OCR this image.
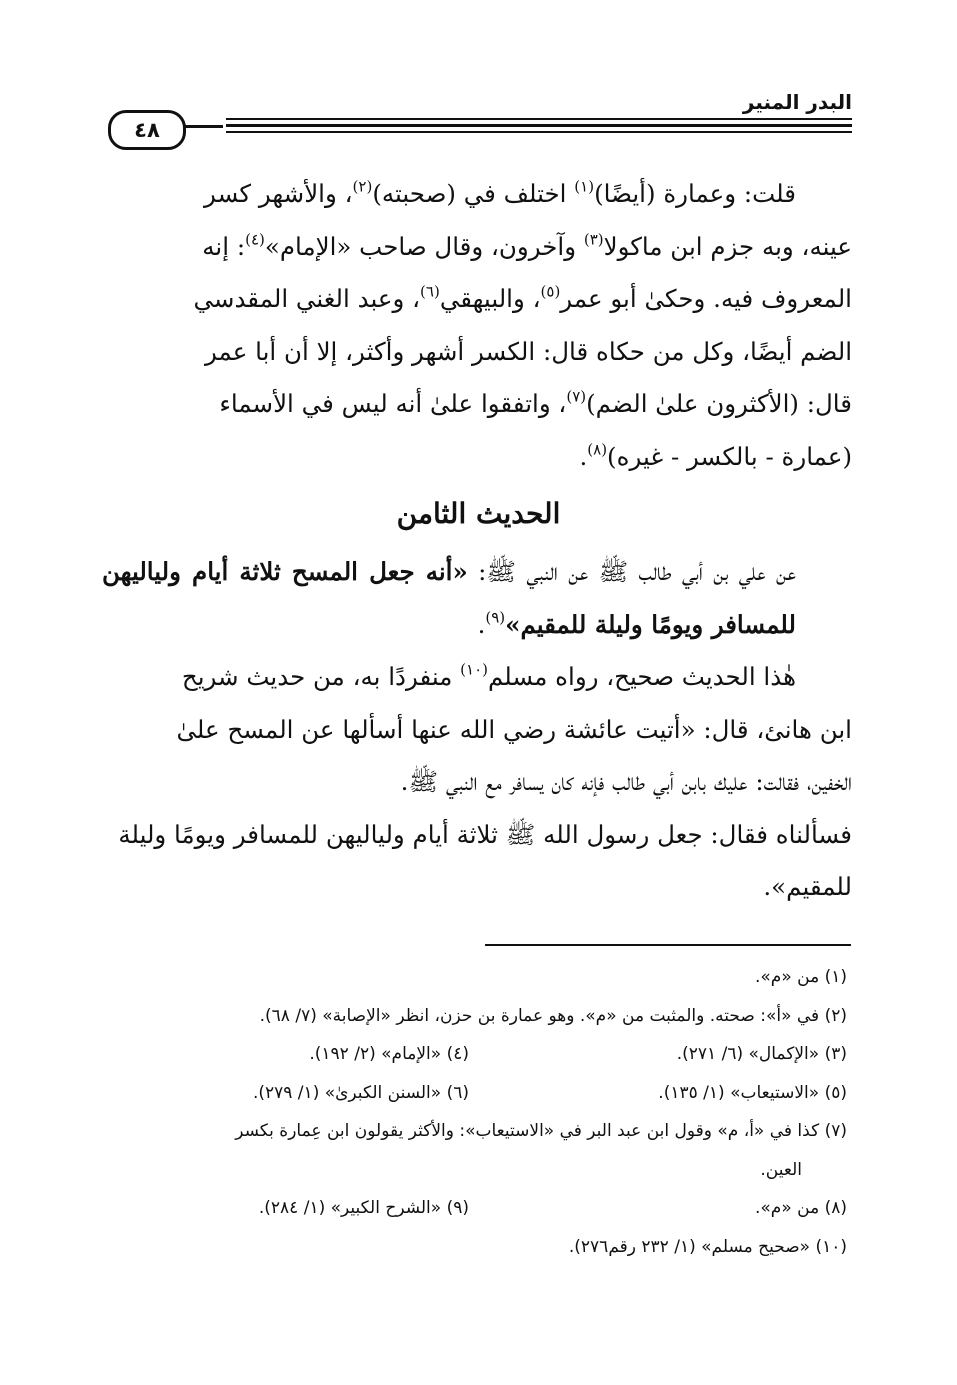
البدر المنير
٤٨
قلت: وعمارة (أيضًا)$^{(١)}$ اختلف في (صحبته)$^{(٢)}$، والأشهر كسر
عينه، وبه جزم ابن ماكولا$^{(٣)}$ وآخرون، وقال صاحب «الإمام»$^{(٤)}$: إنه
المعروف فيه. وحكىٰ أبو عمر$^{(٥)}$، والبيهقي$^{(٦)}$، وعبد الغني المقدسي
الضم أيضًا، وكل من حكاه قال: الكسر أشهر وأكثر، إلا أن أبا عمر
قال: (الأكثرون علىٰ الضم)$^{(٧)}$، واتفقوا علىٰ أنه ليس في الأسماء
(عمارة - بالكسر - غيره)$^{(٨)}$.
الحديث الثامن
عن علي بن أبي طالب ﷺ عن النبي ﷺ: «أنه جعل المسح ثلاثة أيام ولياليهن للمسافر ويومًا وليلة للمقيم»$^{(٩)}$.
هٰذا الحديث صحيح، رواه مسلم$^{(١٠)}$ منفردًا به، من حديث شريح
ابن هانئ، قال: «أتيت عائشة رضي الله عنها أسألها عن المسح علىٰ
الخفين، فقالت: عليك بابن أبي طالب فإنه كان يسافر مع النبي ﷺ.
فسألناه فقال: جعل رسول الله ﷺ ثلاثة أيام ولياليهن للمسافر ويومًا وليلة
للمقيم».
(١) من «م».
(٢) في «أ»: صحته. والمثبت من «م». وهو عمارة بن حزن، انظر «الإصابة» (٧/ ٦٨).
(٣) «الإكمال» (٦/ ٢٧١).
(٤) «الإمام» (٢/ ١٩٢).
(٥) «الاستيعاب» (١/ ١٣٥).
(٦) «السنن الكبرىٰ» (١/ ٢٧٩).
(٧) كذا في «أ، م» وقول ابن عبد البر في «الاستيعاب»: والأكثر يقولون ابن عِمارة بكسر
العين.
(٨) من «م».
(٩) «الشرح الكبير» (١/ ٢٨٤).
(١٠) «صحيح مسلم» (١/ ٢٣٢ رقم٢٧٦).
